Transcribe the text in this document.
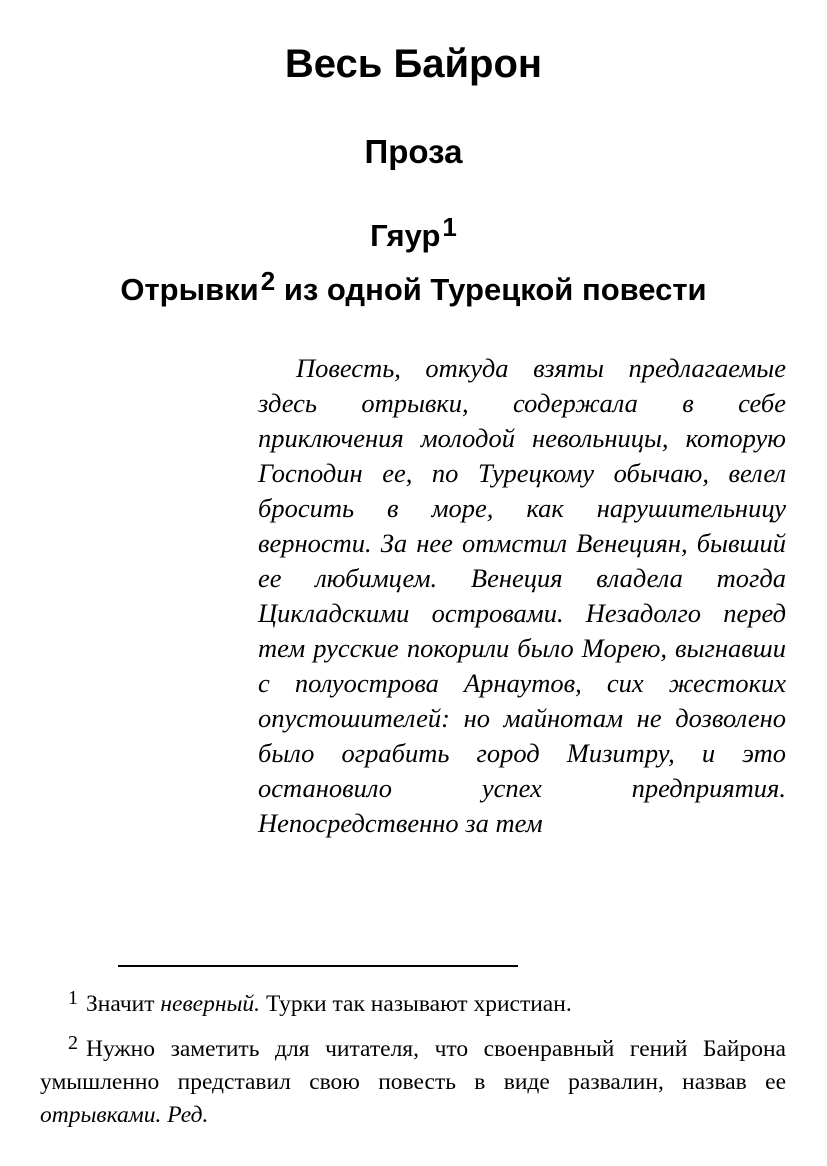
Весь Байрон
Проза
Гяур$^1$
Отрывки$^2$ из одной Турецкой повести

Повесть, откуда взяты предлагаемые здесь отрывки, содержала в себе приключения молодой невольницы, которую Господин ее, по Турецкому обычаю, велел бросить в море, как нарушительницу верности. За нее отмстил Венециян, бывший ее любимцем. Венеция владела тогда Цикладскими островами. Незадолго перед тем русские покорили было Морею, выгнавши с полуострова Арнаутов, сих жестоких опустошителей: но майнотам не дозволено было ограбить город Мизитру, и это остановило успех предприятия. Непосредственно за тем

$^1$ Значит неверный. Турки так называют христиан.

$^2$ Нужно заметить для читателя, что своенравный гений Байрона умышленно представил свою повесть в виде развалин, назвав ее отрывками. Ред.
